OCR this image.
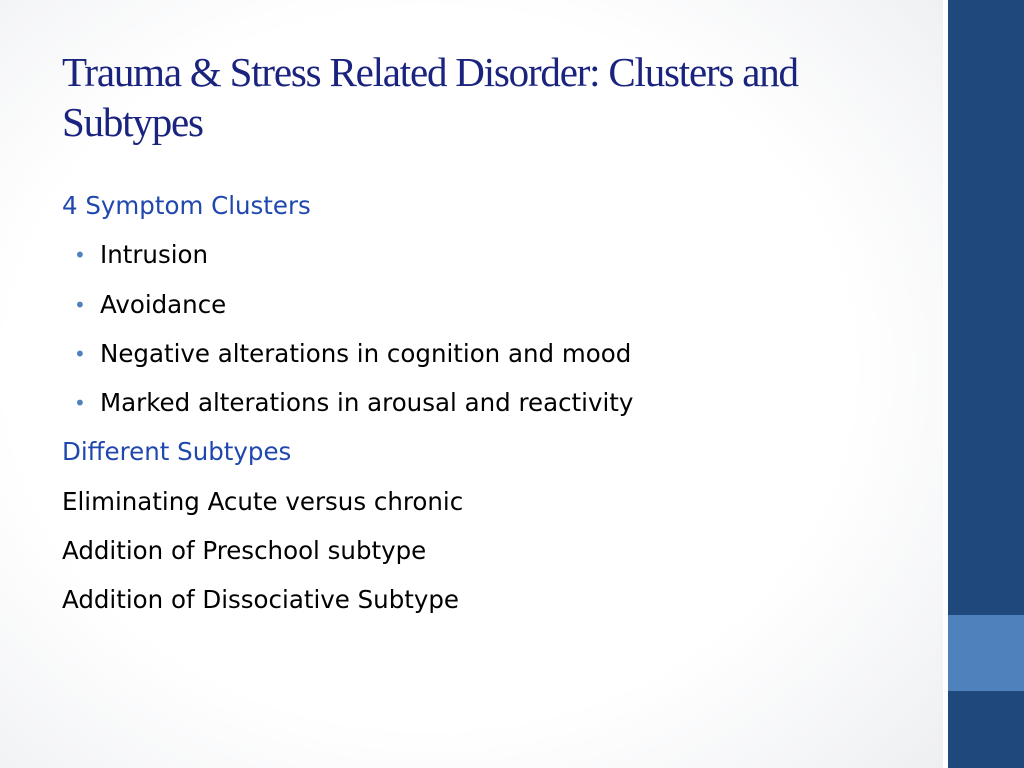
Trauma & Stress Related Disorder: Clusters and Subtypes
4 Symptom Clusters
• Intrusion
• Avoidance
• Negative alterations in cognition and mood
• Marked alterations in arousal and reactivity
Different Subtypes
Eliminating Acute versus chronic
Addition of Preschool subtype
Addition of Dissociative Subtype
